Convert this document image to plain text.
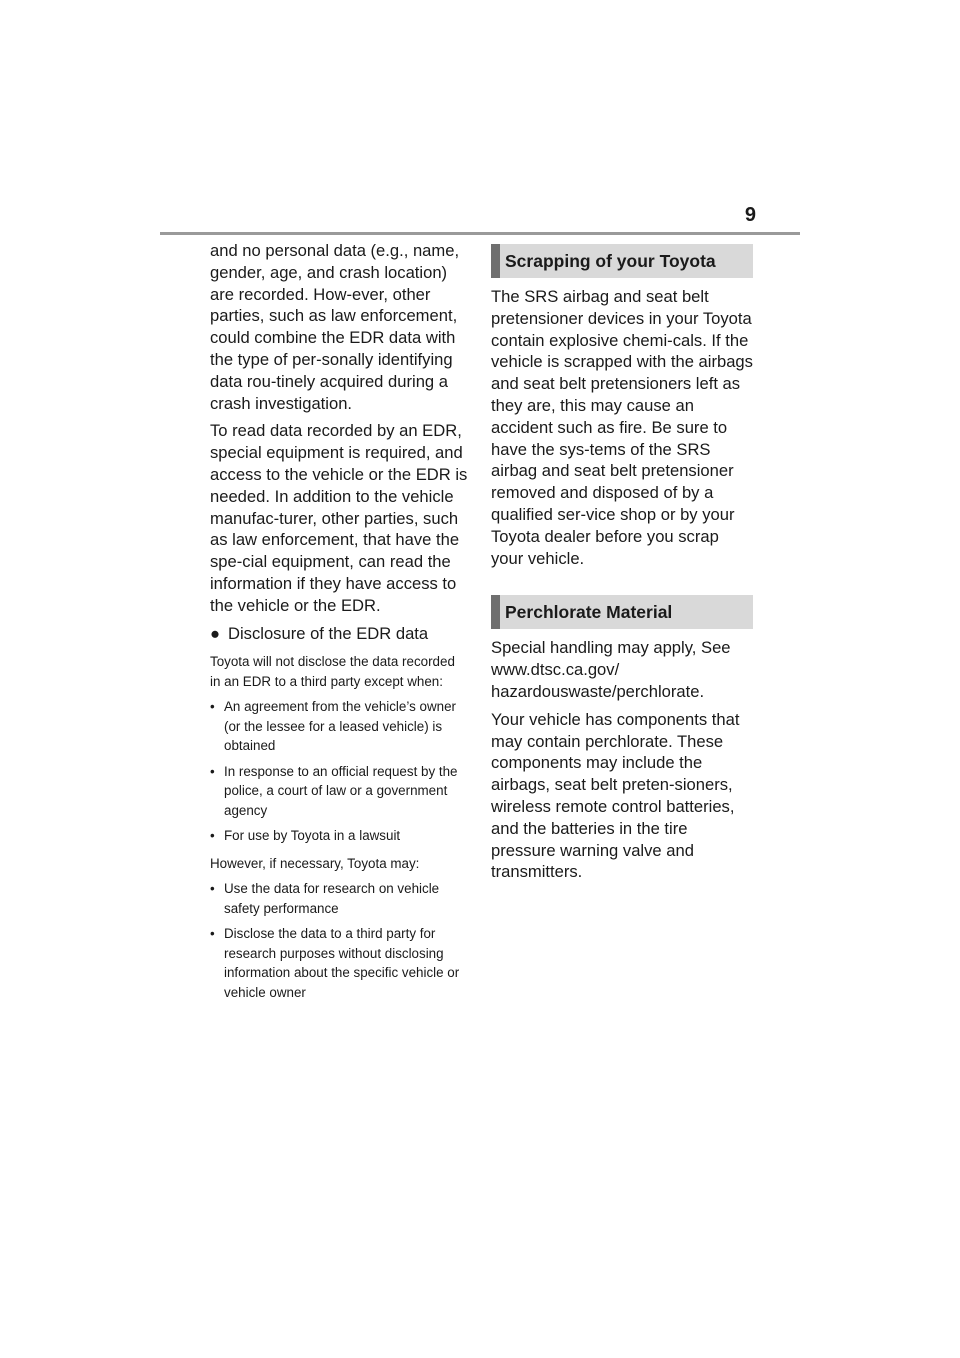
9

and no personal data (e.g., name, gender, age, and crash location) are recorded. How-ever, other parties, such as law enforcement, could combine the EDR data with the type of per-sonally identifying data rou-tinely acquired during a crash investigation.

To read data recorded by an EDR, special equipment is required, and access to the vehicle or the EDR is needed. In addition to the vehicle manufac-turer, other parties, such as law enforcement, that have the spe-cial equipment, can read the information if they have access to the vehicle or the EDR.

● Disclosure of the EDR data

Toyota will not disclose the data recorded in an EDR to a third party except when:

• An agreement from the vehicle’s owner (or the lessee for a leased vehicle) is obtained
• In response to an official request by the police, a court of law or a government agency
• For use by Toyota in a lawsuit

However, if necessary, Toyota may:

• Use the data for research on vehicle safety performance
• Disclose the data to a third party for research purposes without disclosing information about the specific vehicle or vehicle owner
Scrapping of your Toyota

The SRS airbag and seat belt pretensioner devices in your Toyota contain explosive chemi-cals. If the vehicle is scrapped with the airbags and seat belt pretensioners left as they are, this may cause an accident such as fire. Be sure to have the sys-tems of the SRS airbag and seat belt pretensioner removed and disposed of by a qualified ser-vice shop or by your Toyota dealer before you scrap your vehicle.

Perchlorate Material

Special handling may apply, See www.dtsc.ca.gov/ hazardouswaste/perchlorate.

Your vehicle has components that may contain perchlorate. These components may include the airbags, seat belt preten-sioners, wireless remote control batteries, and the batteries in the tire pressure warning valve and transmitters.
